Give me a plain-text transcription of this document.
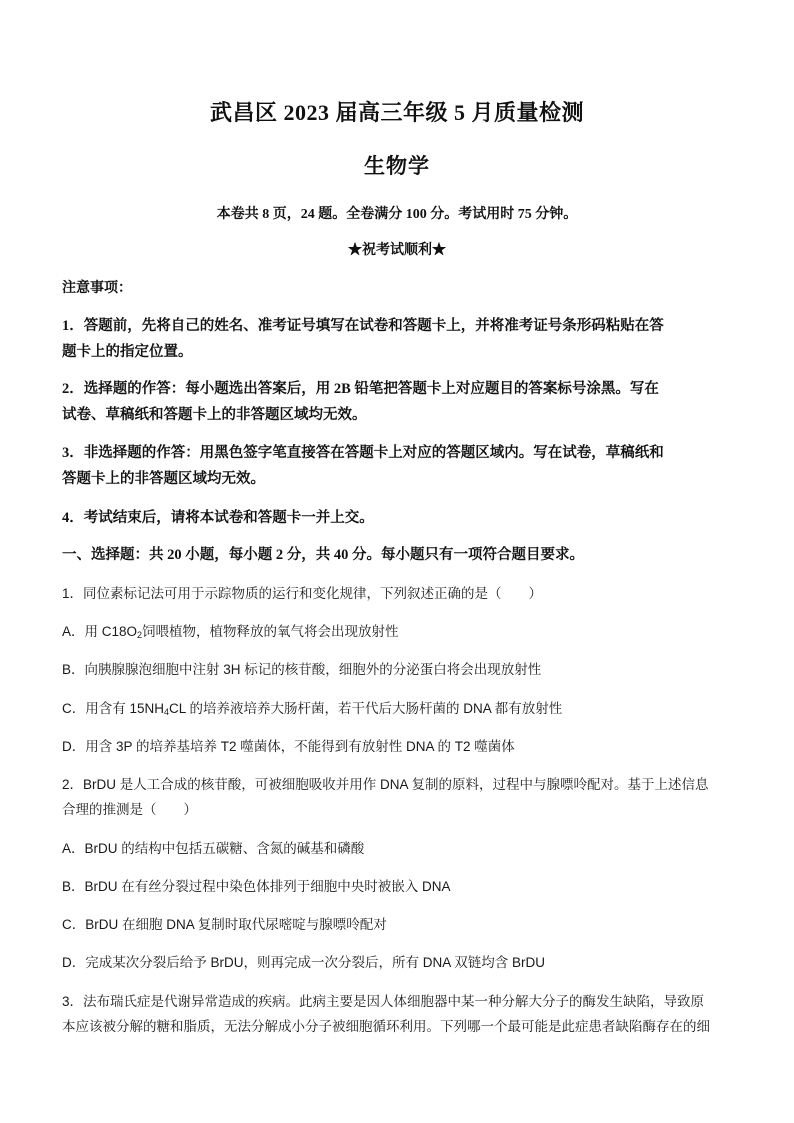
武昌区 2023 届高三年级 5 月质量检测
生物学
本卷共 8 页，24 题。全卷满分 100 分。考试用时 75 分钟。
★祝考试顺利★
注意事项：
1．答题前，先将自己的姓名、准考证号填写在试卷和答题卡上，并将准考证号条形码粘贴在答
题卡上的指定位置。
2．选择题的作答：每小题选出答案后，用 2B 铅笔把答题卡上对应题目的答案标号涂黑。写在
试卷、草稿纸和答题卡上的非答题区域均无效。
3．非选择题的作答：用黑色签字笔直接答在答题卡上对应的答题区域内。写在试卷，草稿纸和
答题卡上的非答题区域均无效。
4．考试结束后，请将本试卷和答题卡一并上交。
一、选择题：共 20 小题，每小题 2 分，共 40 分。每小题只有一项符合题目要求。
1．同位素标记法可用于示踪物质的运行和变化规律，下列叙述正确的是（　　）
A．用 $C18O_2$饲喂植物，植物释放的氧气将会出现放射性
B．向胰腺腺泡细胞中注射 3H 标记的核苷酸，细胞外的分泌蛋白将会出现放射性
C．用含有 $15NH_4CL$ 的培养液培养大肠杆菌，若干代后大肠杆菌的 DNA 都有放射性
D．用含 3P 的培养基培养 T2 噬菌体，不能得到有放射性 DNA 的 T2 噬菌体
2．BrDU 是人工合成的核苷酸，可被细胞吸收并用作 DNA 复制的原料，过程中与腺嘌呤配对。基于上述信息
合理的推测是（　　）
A．BrDU 的结构中包括五碳糖、含氮的碱基和磷酸
B．BrDU 在有丝分裂过程中染色体排列于细胞中央时被嵌入 DNA
C．BrDU 在细胞 DNA 复制时取代尿嘧啶与腺嘌呤配对
D．完成某次分裂后给予 BrDU，则再完成一次分裂后，所有 DNA 双链均含 BrDU
3．法布瑞氏症是代谢异常造成的疾病。此病主要是因人体细胞器中某一种分解大分子的酶发生缺陷，导致原
本应该被分解的糖和脂质，无法分解成小分子被细胞循环利用。下列哪一个最可能是此症患者缺陷酶存在的细
